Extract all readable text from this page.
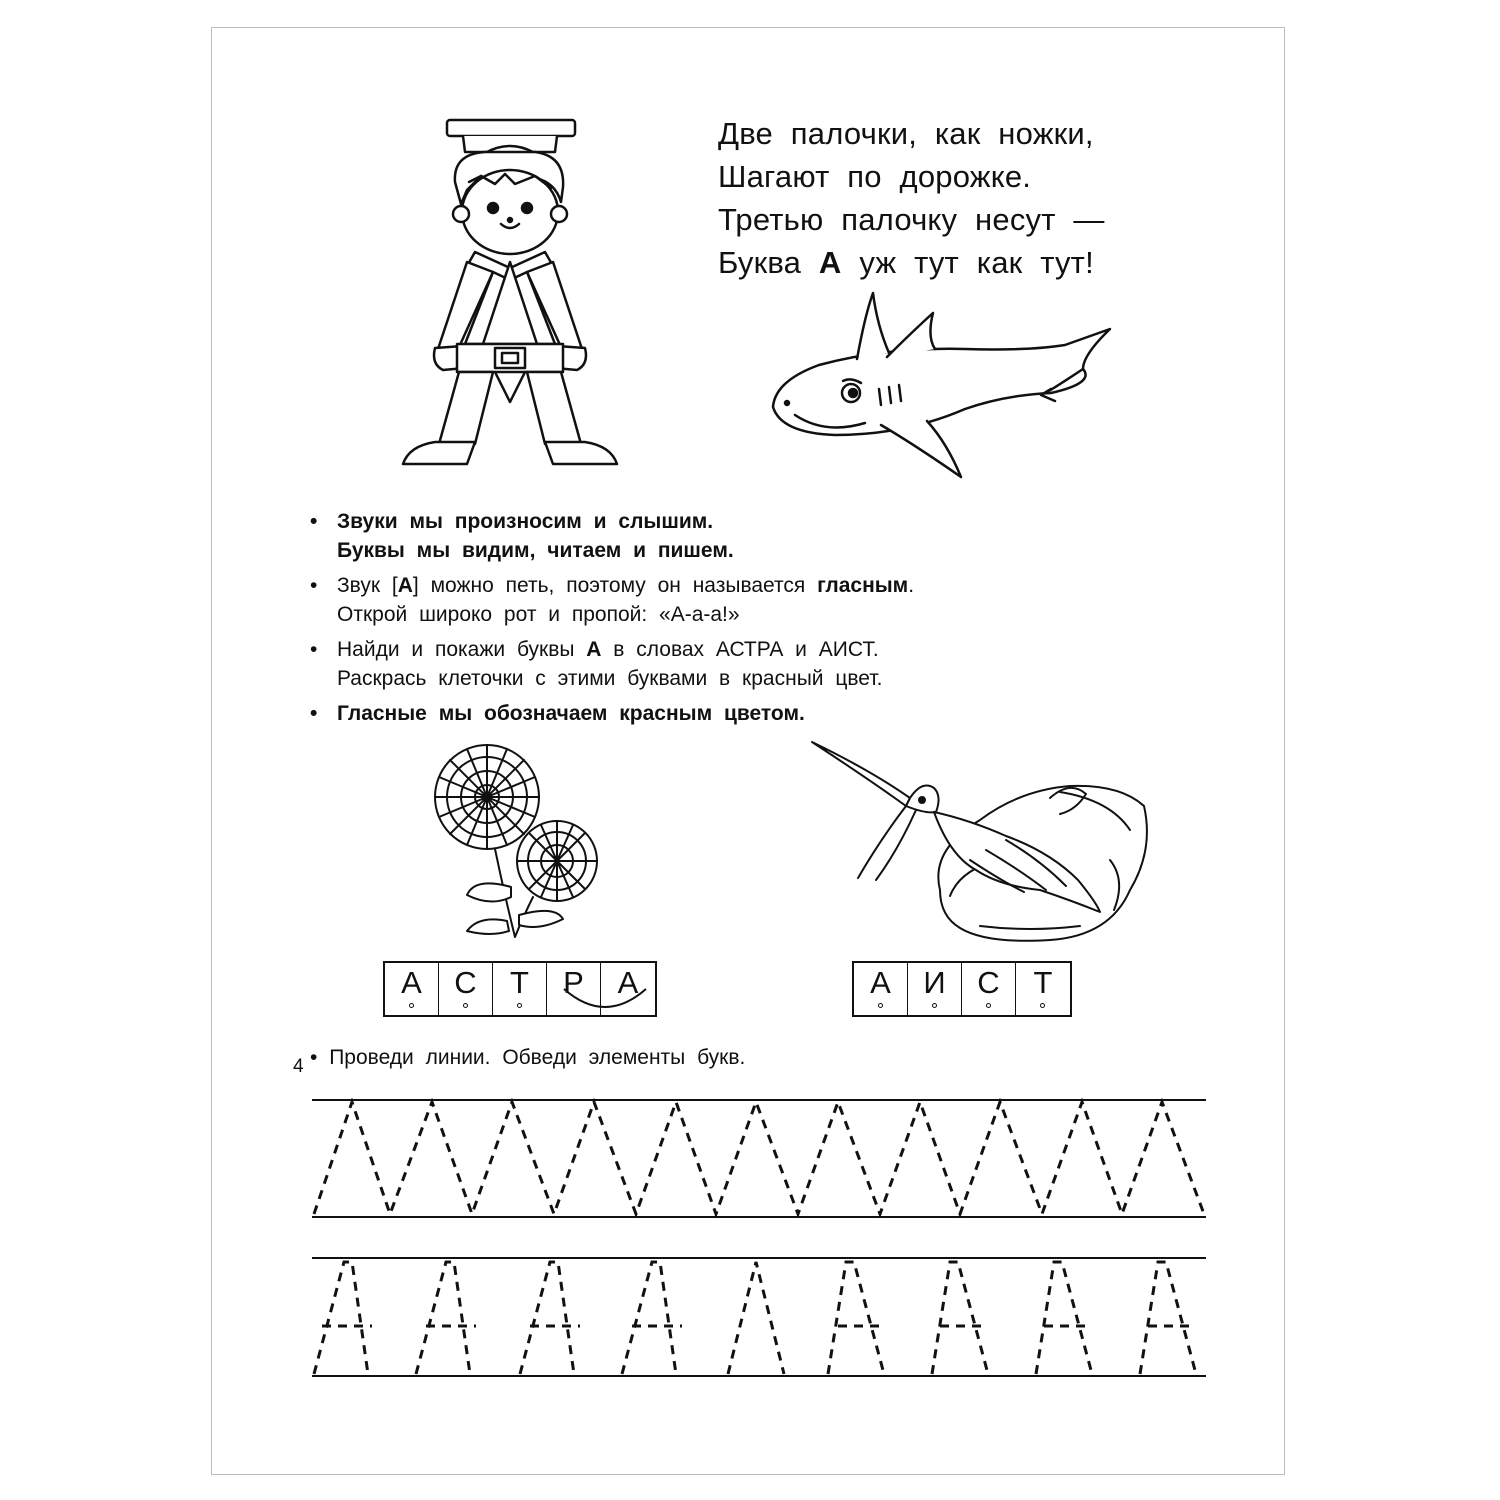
Две палочки, как ножки,
Шагают по дорожке.
Третью палочку несут —
Буква А уж тут как тут!
• Звуки мы произносим и слышим.
Буквы мы видим, читаем и пишем.
• Звук [А] можно петь, поэтому он называется гласным.
Открой широко рот и пропой: «А-а-а!»
• Найди и покажи буквы А в словах АСТРА и АИСТ.
Раскрась клеточки с этими буквами в красный цвет.
• Гласные мы обозначаем красным цветом.
А	С	Т	Р	А	А	И	С	Т
• Проведи линии. Обведи элементы букв.
4
